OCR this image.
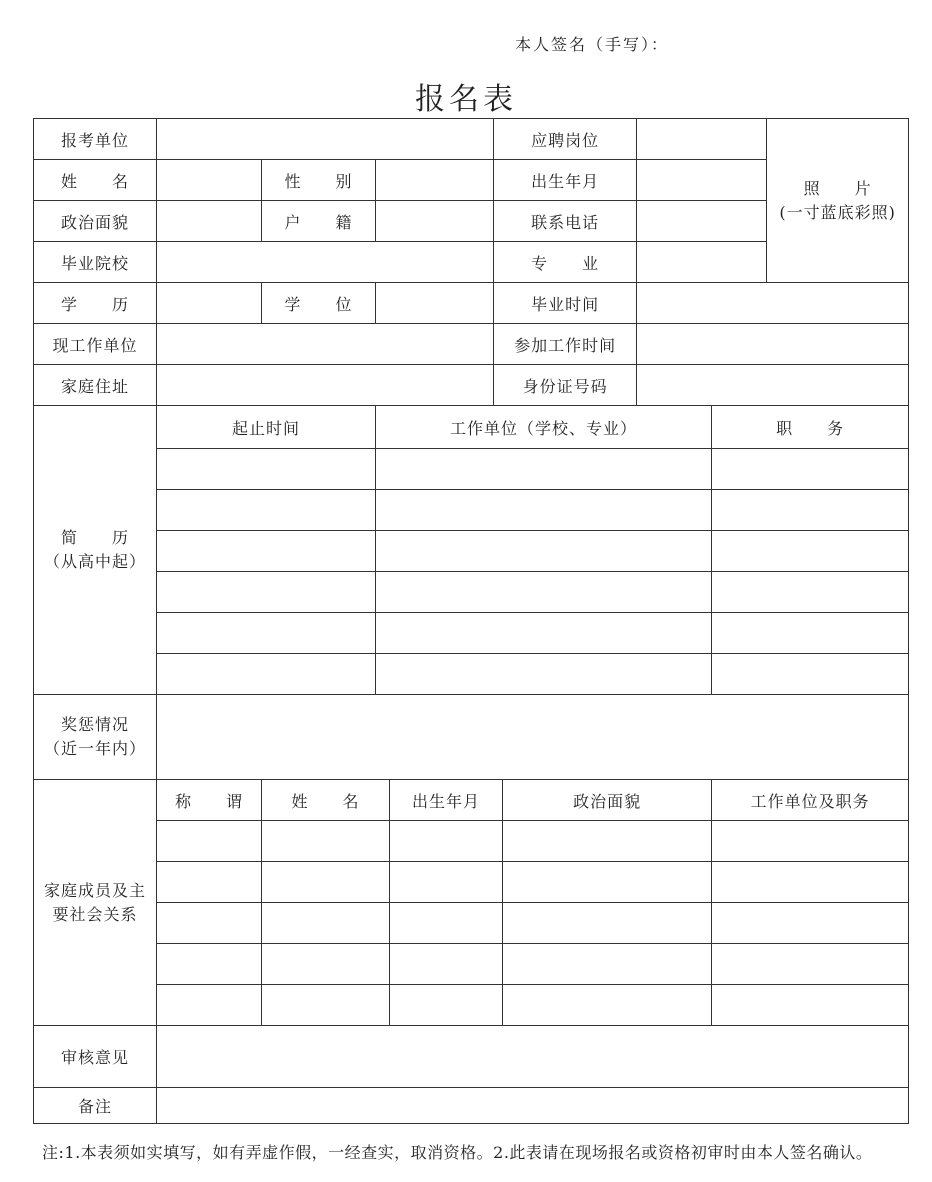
本人签名（手写）：
报名表
报考单位					应聘岗位				照　　片
(一寸蓝底彩照)

姓　　名		性　　别			出生年月				
政治面貌		户　　籍			联系电话				
毕业院校					专　　业				
学　　历		学　　位			毕业时间				
现工作单位					参加工作时间				
家庭住址					身份证号码				

简　　历
（从高中起）	起止时间		工作单位（学校、专业）					职　　务	

奖惩情况
（近一年内）									

家庭成员及主
要社会关系	称　　谓	姓　　名		出生年月		政治面貌		工作单位及职务	

审核意见									
备注									
注:1.本表须如实填写，如有弄虚作假，一经查实，取消资格。2.此表请在现场报名或资格初审时由本人签名确认。
